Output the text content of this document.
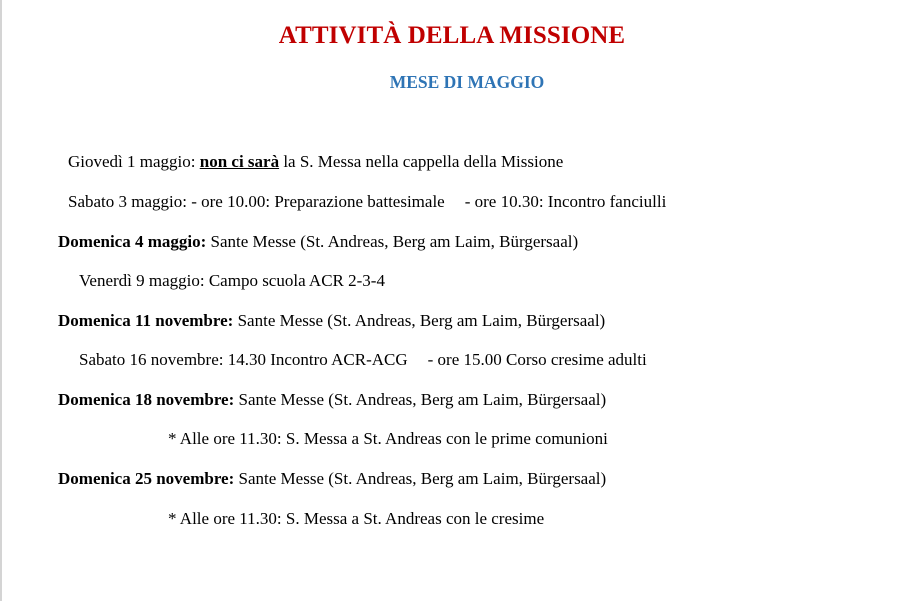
ATTIVITÀ DELLA MISSIONE
MESE DI MAGGIO
Giovedì 1 maggio: non ci sarà la S. Messa nella cappella della Missione
Sabato 3 maggio: - ore 10.00: Preparazione battesimale - ore 10.30: Incontro fanciulli
Domenica 4 maggio: Sante Messe (St. Andreas, Berg am Laim, Bürgersaal)
Venerdì 9 maggio: Campo scuola ACR 2-3-4
Domenica 11 novembre: Sante Messe (St. Andreas, Berg am Laim, Bürgersaal)
Sabato 16 novembre: 14.30 Incontro ACR-ACG - ore 15.00 Corso cresime adulti
Domenica 18 novembre: Sante Messe (St. Andreas, Berg am Laim, Bürgersaal)
* Alle ore 11.30: S. Messa a St. Andreas con le prime comunioni
Domenica 25 novembre: Sante Messe (St. Andreas, Berg am Laim, Bürgersaal)
* Alle ore 11.30: S. Messa a St. Andreas con le cresime
